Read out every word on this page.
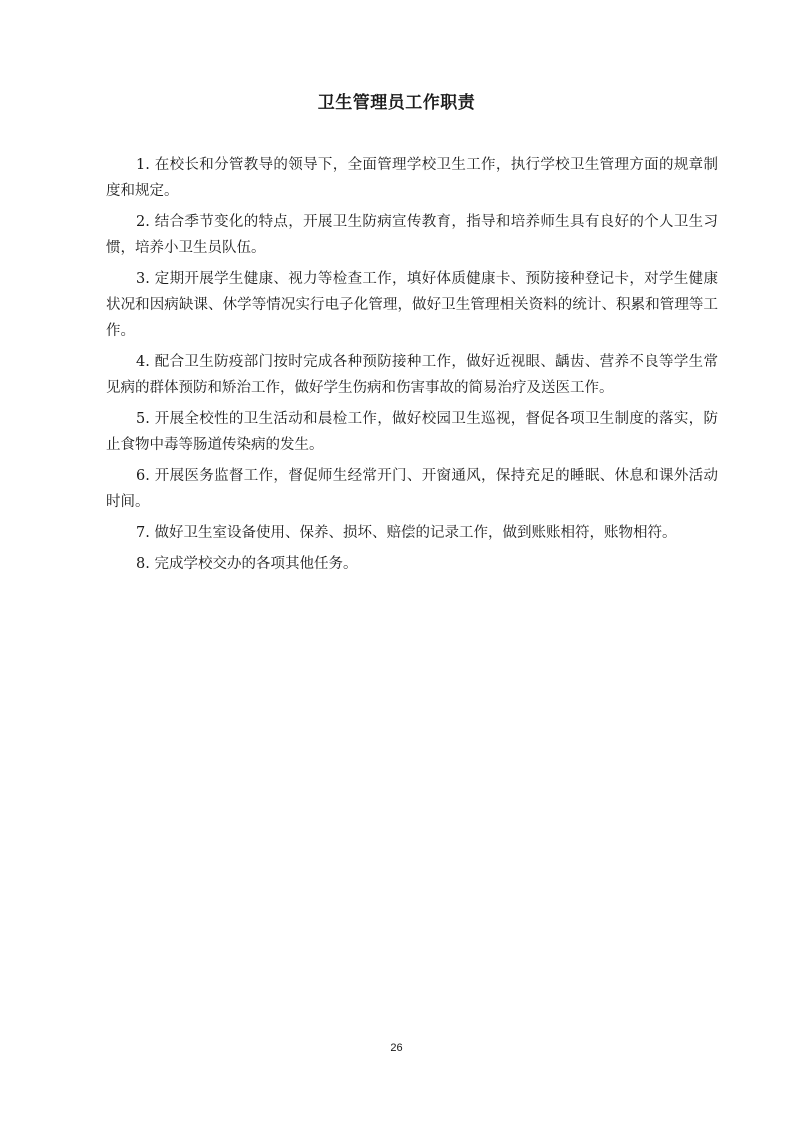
卫生管理员工作职责

1. 在校长和分管教导的领导下，全面管理学校卫生工作，执行学校卫生管理方面的规章制度和规定。

2. 结合季节变化的特点，开展卫生防病宣传教育，指导和培养师生具有良好的个人卫生习惯，培养小卫生员队伍。

3. 定期开展学生健康、视力等检查工作，填好体质健康卡、预防接种登记卡，对学生健康状况和因病缺课、休学等情况实行电子化管理，做好卫生管理相关资料的统计、积累和管理等工作。

4. 配合卫生防疫部门按时完成各种预防接种工作，做好近视眼、龋齿、营养不良等学生常见病的群体预防和矫治工作，做好学生伤病和伤害事故的简易治疗及送医工作。

5. 开展全校性的卫生活动和晨检工作，做好校园卫生巡视，督促各项卫生制度的落实，防止食物中毒等肠道传染病的发生。

6. 开展医务监督工作，督促师生经常开门、开窗通风，保持充足的睡眠、休息和课外活动时间。

7. 做好卫生室设备使用、保养、损坏、赔偿的记录工作，做到账账相符，账物相符。

8. 完成学校交办的各项其他任务。

26
